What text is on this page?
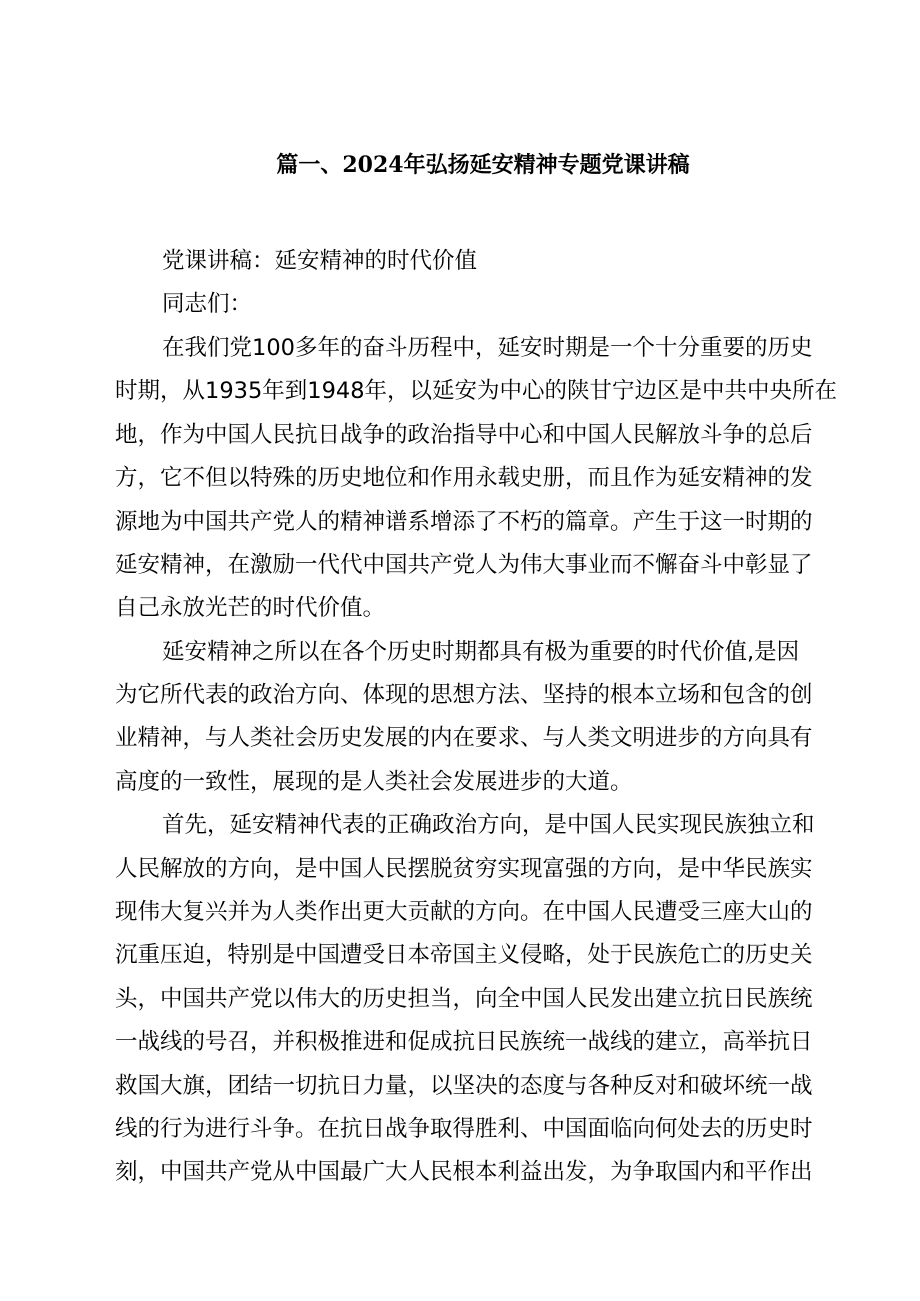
篇一、2024年弘扬延安精神专题党课讲稿

党课讲稿：延安精神的时代价值

同志们：

在我们党100多年的奋斗历程中，延安时期是一个十分重要的历史

时期，从1935年到1948年，以延安为中心的陕甘宁边区是中共中央所在

地，作为中国人民抗日战争的政治指导中心和中国人民解放斗争的总后

方，它不但以特殊的历史地位和作用永载史册，而且作为延安精神的发

源地为中国共产党人的精神谱系增添了不朽的篇章。产生于这一时期的

延安精神，在激励一代代中国共产党人为伟大事业而不懈奋斗中彰显了

自己永放光芒的时代价值。

延安精神之所以在各个历史时期都具有极为重要的时代价值,是因

为它所代表的政治方向、体现的思想方法、坚持的根本立场和包含的创

业精神，与人类社会历史发展的内在要求、与人类文明进步的方向具有

高度的一致性，展现的是人类社会发展进步的大道。

首先，延安精神代表的正确政治方向，是中国人民实现民族独立和

人民解放的方向，是中国人民摆脱贫穷实现富强的方向，是中华民族实

现伟大复兴并为人类作出更大贡献的方向。在中国人民遭受三座大山的

沉重压迫，特别是中国遭受日本帝国主义侵略，处于民族危亡的历史关

头，中国共产党以伟大的历史担当，向全中国人民发出建立抗日民族统

一战线的号召，并积极推进和促成抗日民族统一战线的建立，高举抗日

救国大旗，团结一切抗日力量，以坚决的态度与各种反对和破坏统一战

线的行为进行斗争。在抗日战争取得胜利、中国面临向何处去的历史时

刻，中国共产党从中国最广大人民根本利益出发，为争取国内和平作出
